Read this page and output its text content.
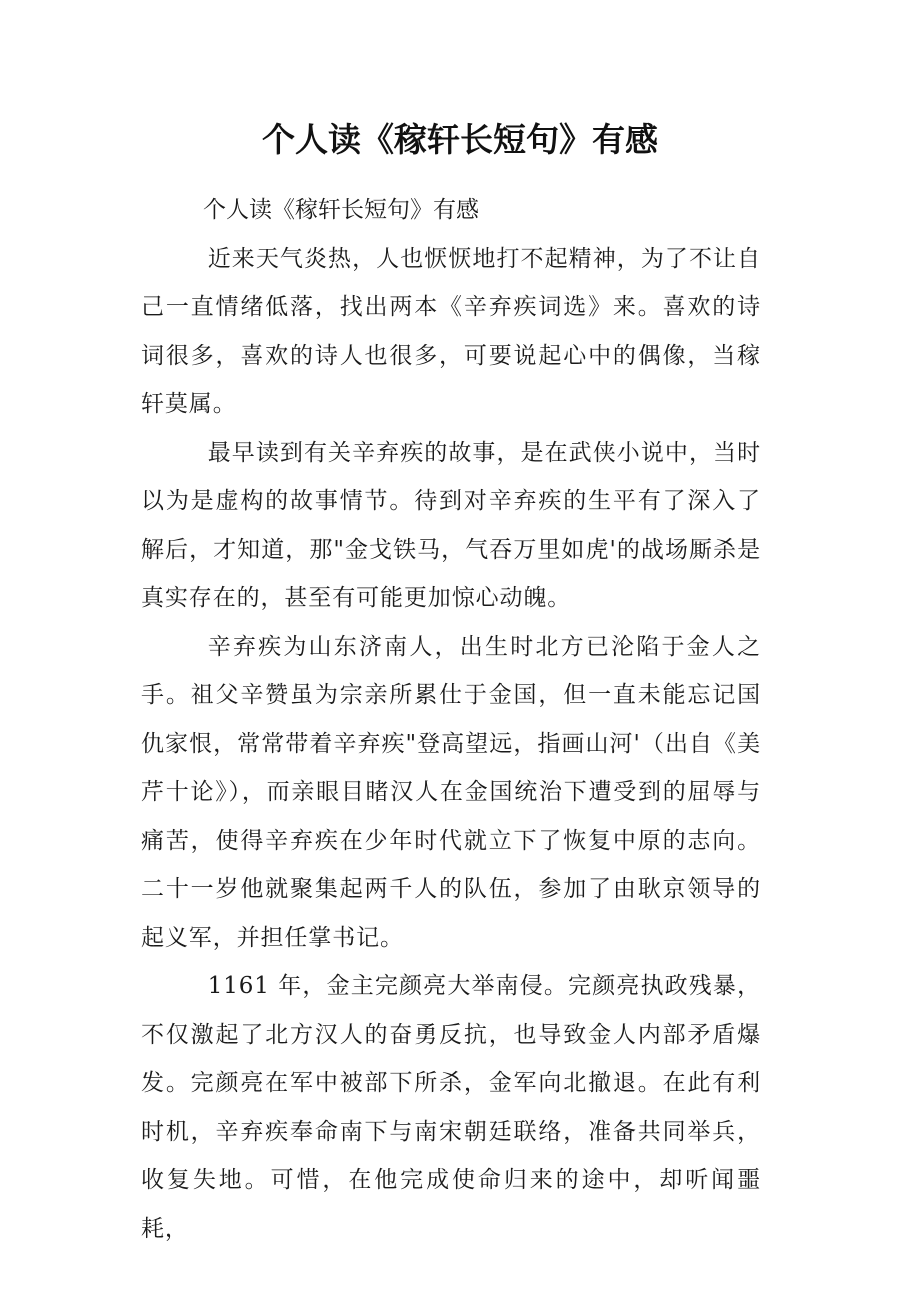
个人读《稼轩长短句》有感

个人读《稼轩长短句》有感

近来天气炎热，人也恹恹地打不起精神，为了不让自己一直情绪低落，找出两本《辛弃疾词选》来。喜欢的诗词很多，喜欢的诗人也很多，可要说起心中的偶像，当稼轩莫属。

最早读到有关辛弃疾的故事，是在武侠小说中，当时以为是虚构的故事情节。待到对辛弃疾的生平有了深入了解后，才知道，那"金戈铁马，气吞万里如虎'的战场厮杀是真实存在的，甚至有可能更加惊心动魄。

辛弃疾为山东济南人，出生时北方已沦陷于金人之手。祖父辛赞虽为宗亲所累仕于金国，但一直未能忘记国仇家恨，常常带着辛弃疾"登高望远，指画山河'（出自《美芹十论》），而亲眼目睹汉人在金国统治下遭受到的屈辱与痛苦，使得辛弃疾在少年时代就立下了恢复中原的志向。二十一岁他就聚集起两千人的队伍，参加了由耿京领导的起义军，并担任掌书记。

1161 年，金主完颜亮大举南侵。完颜亮执政残暴，不仅激起了北方汉人的奋勇反抗，也导致金人内部矛盾爆发。完颜亮在军中被部下所杀，金军向北撤退。在此有利时机，辛弃疾奉命南下与南宋朝廷联络，准备共同举兵，收复失地。可惜，在他完成使命归来的途中，却听闻噩耗，
